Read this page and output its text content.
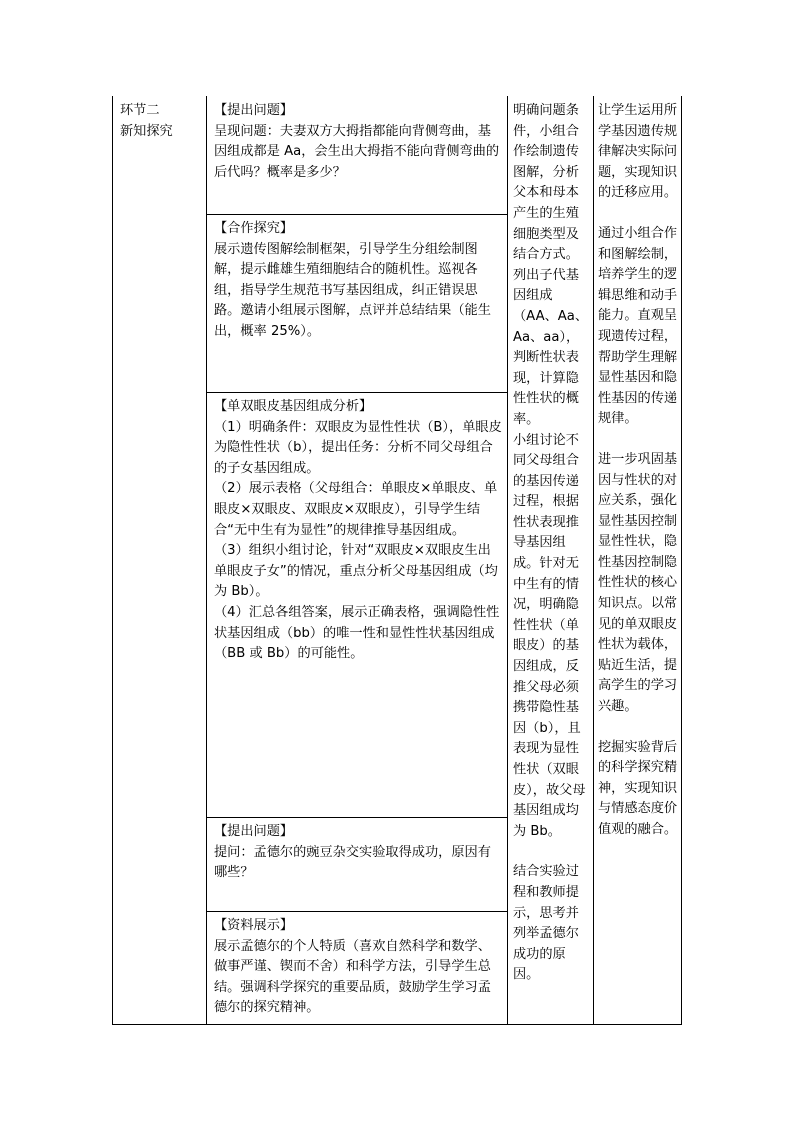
环节二

新知探究

【提出问题】

呈现问题：夫妻双方大拇指都能向背侧弯曲，基因组成都是 Aa，会生出大拇指不能向背侧弯曲的后代吗？概率是多少？

【合作探究】

展示遗传图解绘制框架，引导学生分组绘制图解，提示雌雄生殖细胞结合的随机性。巡视各组，指导学生规范书写基因组成，纠正错误思路。邀请小组展示图解，点评并总结结果（能生出，概率 25%）。

【单双眼皮基因组成分析】

（1）明确条件：双眼皮为显性性状（B），单眼皮为隐性性状（b），提出任务：分析不同父母组合的子女基因组成。

（2）展示表格（父母组合：单眼皮×单眼皮、单眼皮×双眼皮、双眼皮×双眼皮），引导学生结合“无中生有为显性”的规律推导基因组成。

（3）组织小组讨论，针对“双眼皮×双眼皮生出单眼皮子女”的情况，重点分析父母基因组成（均为 Bb）。

（4）汇总各组答案，展示正确表格，强调隐性性状基因组成（bb）的唯一性和显性性状基因组成（BB 或 Bb）的可能性。

【提出问题】

提问：孟德尔的豌豆杂交实验取得成功，原因有哪些？

【资料展示】

展示孟德尔的个人特质（喜欢自然科学和数学、做事严谨、锲而不舍）和科学方法，引导学生总结。强调科学探究的重要品质，鼓励学生学习孟德尔的探究精神。

明确问题条件，小组合作绘制遗传图解，分析父本和母本产生的生殖细胞类型及结合方式。列出子代基因组成（AA、Aa、Aa、aa），判断性状表现，计算隐性性状的概率。

小组讨论不同父母组合的基因传递过程，根据性状表现推导基因组成。针对无中生有的情况，明确隐性性状（单眼皮）的基因组成，反推父母必须携带隐性基因（b），且表现为显性性状（双眼皮），故父母基因组成均为 Bb。

结合实验过程和教师提示，思考并列举孟德尔成功的原因。

让学生运用所学基因遗传规律解决实际问题，实现知识的迁移应用。

通过小组合作和图解绘制，培养学生的逻辑思维和动手能力。直观呈现遗传过程，帮助学生理解显性基因和隐性基因的传递规律。

进一步巩固基因与性状的对应关系，强化显性基因控制显性性状，隐性基因控制隐性性状的核心知识点。以常见的单双眼皮性状为载体，贴近生活，提高学生的学习兴趣。

挖掘实验背后的科学探究精神，实现知识与情感态度价值观的融合。
